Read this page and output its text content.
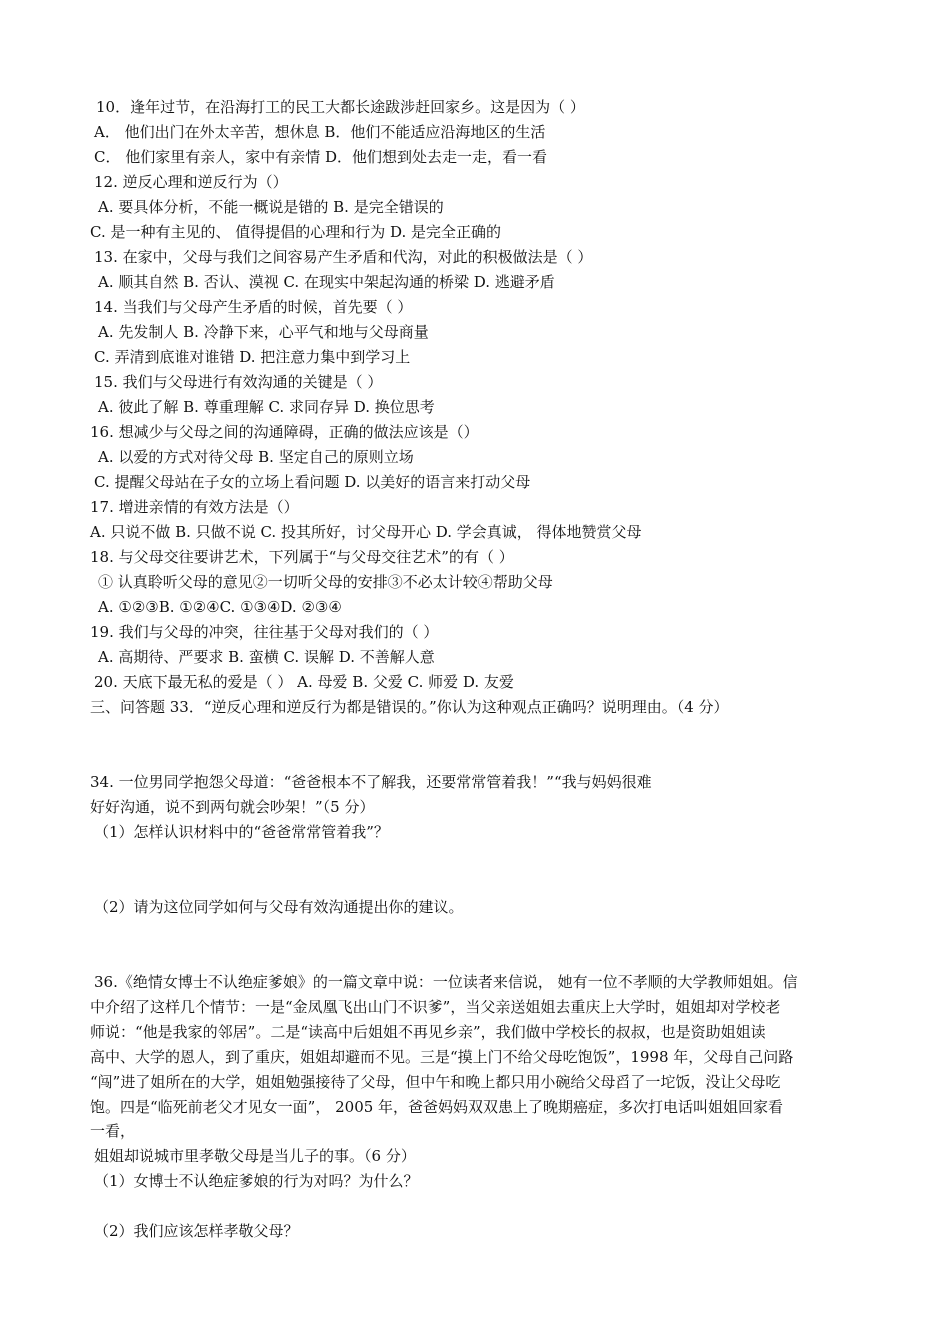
10．逢年过节，在沿海打工的民工大都长途跋涉赶回家乡。这是因为（ ）
A． 他们出门在外太辛苦，想休息 B．他们不能适应沿海地区的生活
C． 他们家里有亲人，家中有亲情 D．他们想到处去走一走，看一看
12. 逆反心理和逆反行为（）
A. 要具体分析，不能一概说是错的 B. 是完全错误的
C. 是一种有主见的、 值得提倡的心理和行为 D. 是完全正确的
13. 在家中，父母与我们之间容易产生矛盾和代沟，对此的积极做法是（ ）
A. 顺其自然 B. 否认、漠视 C. 在现实中架起沟通的桥梁 D. 逃避矛盾
14. 当我们与父母产生矛盾的时候，首先要（ ）
A. 先发制人 B. 冷静下来，心平气和地与父母商量
C. 弄清到底谁对谁错 D. 把注意力集中到学习上
15. 我们与父母进行有效沟通的关键是（ ）
A. 彼此了解 B. 尊重理解 C. 求同存异 D. 换位思考
16. 想减少与父母之间的沟通障碍，正确的做法应该是（）
A. 以爱的方式对待父母 B. 坚定自己的原则立场
C. 提醒父母站在子女的立场上看问题 D. 以美好的语言来打动父母
17. 增进亲情的有效方法是（）
A. 只说不做 B. 只做不说 C. 投其所好，讨父母开心 D. 学会真诚， 得体地赞赏父母
18. 与父母交往要讲艺术，下列属于“与父母交往艺术”的有（ ）
① 认真聆听父母的意见②一切听父母的安排③不必太计较④帮助父母
A. ①②③B. ①②④C. ①③④D. ②③④
19. 我们与父母的冲突，往往基于父母对我们的（ ）
A. 高期待、严要求 B. 蛮横 C. 误解 D. 不善解人意
20. 天底下最无私的爱是（ ） A. 母爱 B. 父爱 C. 师爱 D. 友爱
三、问答题 33．“逆反心理和逆反行为都是错误的。”你认为这种观点正确吗？说明理由。（4 分）
34. 一位男同学抱怨父母道：“爸爸根本不了解我，还要常常管着我！”“我与妈妈很难
好好沟通，说不到两句就会吵架！”（5 分）
（1）怎样认识材料中的“爸爸常常管着我”？
（2）请为这位同学如何与父母有效沟通提出你的建议。
36.《绝情女博士不认绝症爹娘》的一篇文章中说：一位读者来信说， 她有一位不孝顺的大学教师姐姐。信
中介绍了这样几个情节：一是“金凤凰飞出山门不识爹”，当父亲送姐姐去重庆上大学时，姐姐却对学校老
师说：“他是我家的邻居”。二是“读高中后姐姐不再见乡亲”，我们做中学校长的叔叔，也是资助姐姐读
高中、大学的恩人，到了重庆，姐姐却避而不见。三是“摸上门不给父母吃饱饭”，1998 年，父母自己问路
“闯”进了姐所在的大学，姐姐勉强接待了父母，但中午和晚上都只用小碗给父母舀了一坨饭，没让父母吃
饱。四是“临死前老父才见女一面”， 2005 年，爸爸妈妈双双患上了晚期癌症，多次打电话叫姐姐回家看
一看，
姐姐却说城市里孝敬父母是当儿子的事。（6 分）
（1）女博士不认绝症爹娘的行为对吗？为什么？
（2）我们应该怎样孝敬父母？
